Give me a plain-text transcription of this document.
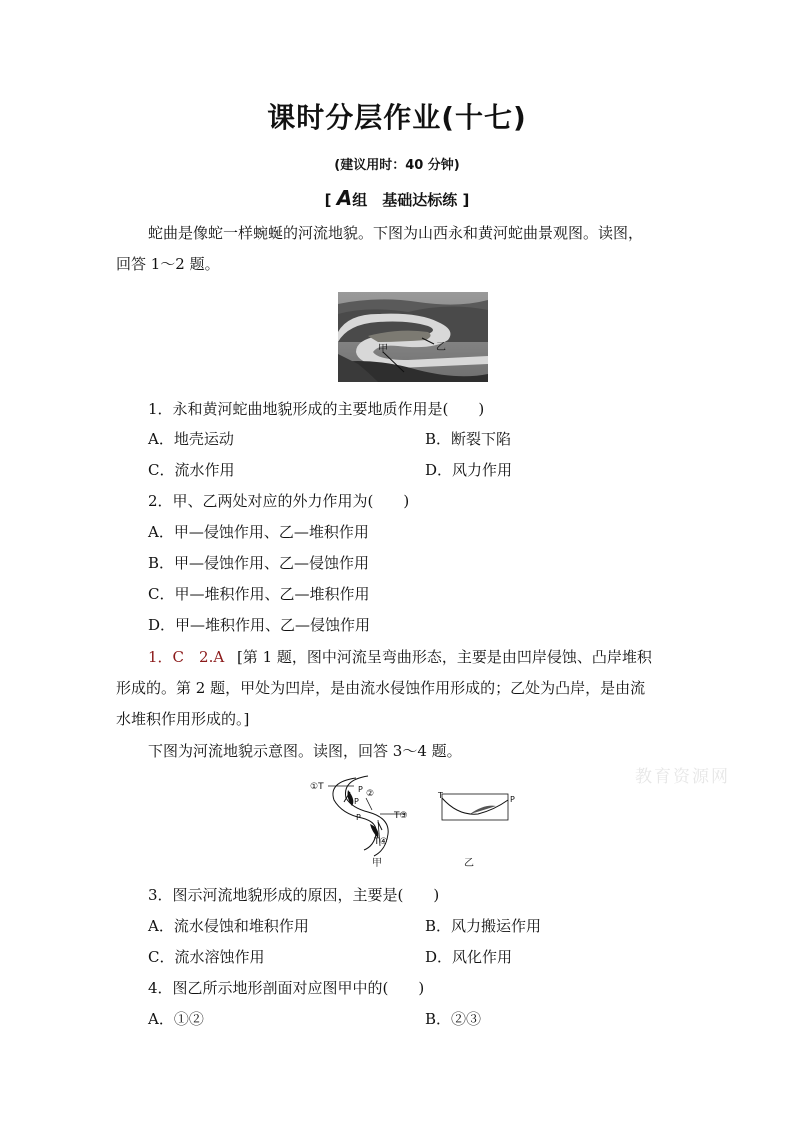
课时分层作业(十七)
(建议用时：40 分钟)
[ A组　基础达标练 ]
蛇曲是像蛇一样蜿蜒的河流地貌。下图为山西永和黄河蛇曲景观图。读图，
回答 1～2 题。
甲	乙
1．永和黄河蛇曲地貌形成的主要地质作用是(　　)
A．地壳运动	B．断裂下陷
C．流水作用	D．风力作用
2．甲、乙两处对应的外力作用为(　　)
A．甲—侵蚀作用、乙—堆积作用
B．甲—侵蚀作用、乙—侵蚀作用
C．甲—堆积作用、乙—堆积作用
D．甲—堆积作用、乙—侵蚀作用
1．C　2.A [第 1 题，图中河流呈弯曲形态，主要是由凹岸侵蚀、凸岸堆积
形成的。第 2 题，甲处为凹岸，是由流水侵蚀作用形成的；乙处为凸岸，是由流
水堆积作用形成的。]
下图为河流地貌示意图。读图，回答 3～4 题。
教育资源网
①T	P ②
P
P	T③
T④
甲
T	P
乙
3．图示河流地貌形成的原因，主要是(　　)
A．流水侵蚀和堆积作用	B．风力搬运作用
C．流水溶蚀作用	D．风化作用
4．图乙所示地形剖面对应图甲中的(　　)
A．①②	B．②③
